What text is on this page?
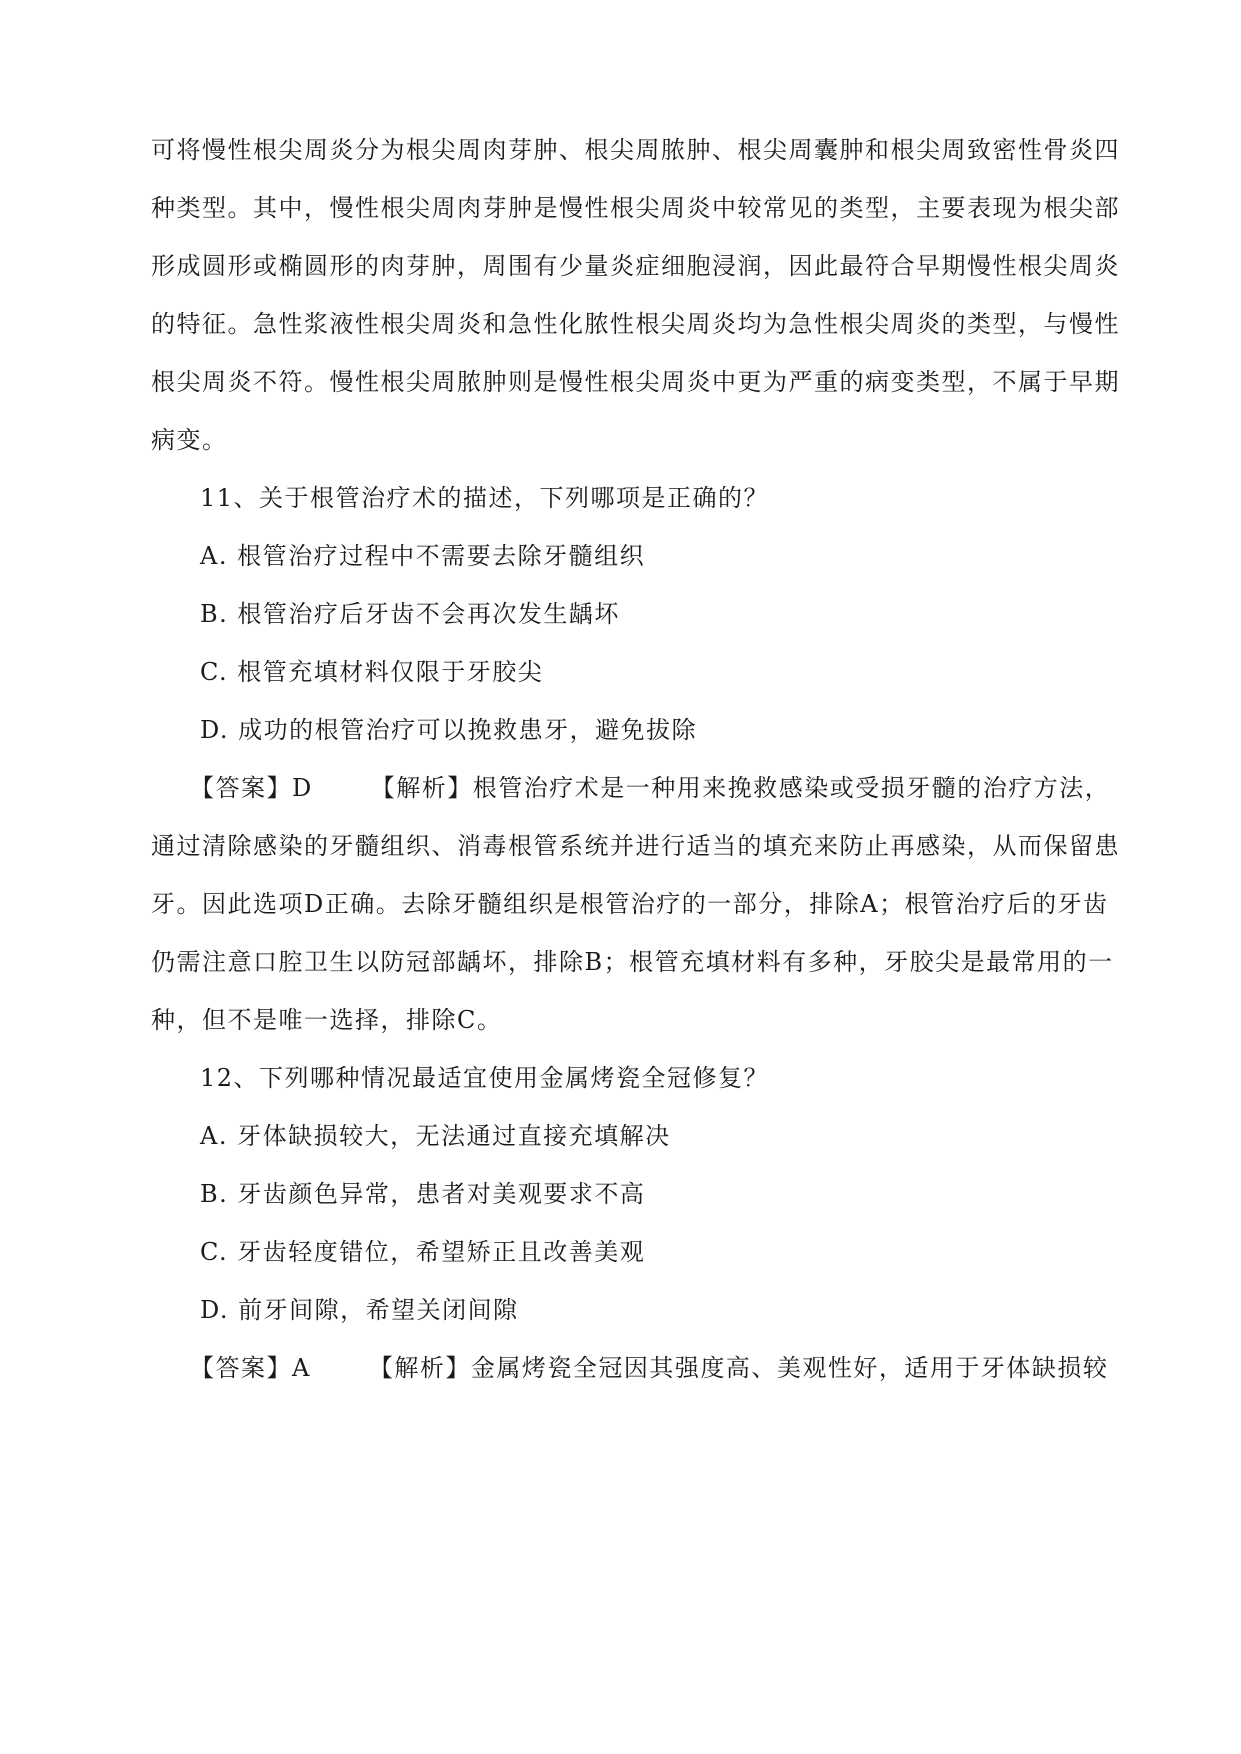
可将慢性根尖周炎分为根尖周肉芽肿、根尖周脓肿、根尖周囊肿和根尖周致密性骨炎四
种类型。其中，慢性根尖周肉芽肿是慢性根尖周炎中较常见的类型，主要表现为根尖部
形成圆形或椭圆形的肉芽肿，周围有少量炎症细胞浸润，因此最符合早期慢性根尖周炎
的特征。急性浆液性根尖周炎和急性化脓性根尖周炎均为急性根尖周炎的类型，与慢性
根尖周炎不符。慢性根尖周脓肿则是慢性根尖周炎中更为严重的病变类型，不属于早期
病变。
11、关于根管治疗术的描述，下列哪项是正确的？
A. 根管治疗过程中不需要去除牙髓组织
B. 根管治疗后牙齿不会再次发生龋坏
C. 根管充填材料仅限于牙胶尖
D. 成功的根管治疗可以挽救患牙，避免拔除
【答案】D 【解析】根管治疗术是一种用来挽救感染或受损牙髓的治疗方法，
通过清除感染的牙髓组织、消毒根管系统并进行适当的填充来防止再感染，从而保留患
牙。因此选项D正确。去除牙髓组织是根管治疗的一部分，排除A；根管治疗后的牙齿
仍需注意口腔卫生以防冠部龋坏，排除B；根管充填材料有多种，牙胶尖是最常用的一
种，但不是唯一选择，排除C。
12、下列哪种情况最适宜使用金属烤瓷全冠修复？
A. 牙体缺损较大，无法通过直接充填解决
B. 牙齿颜色异常，患者对美观要求不高
C. 牙齿轻度错位，希望矫正且改善美观
D. 前牙间隙，希望关闭间隙
【答案】A 【解析】金属烤瓷全冠因其强度高、美观性好，适用于牙体缺损较
